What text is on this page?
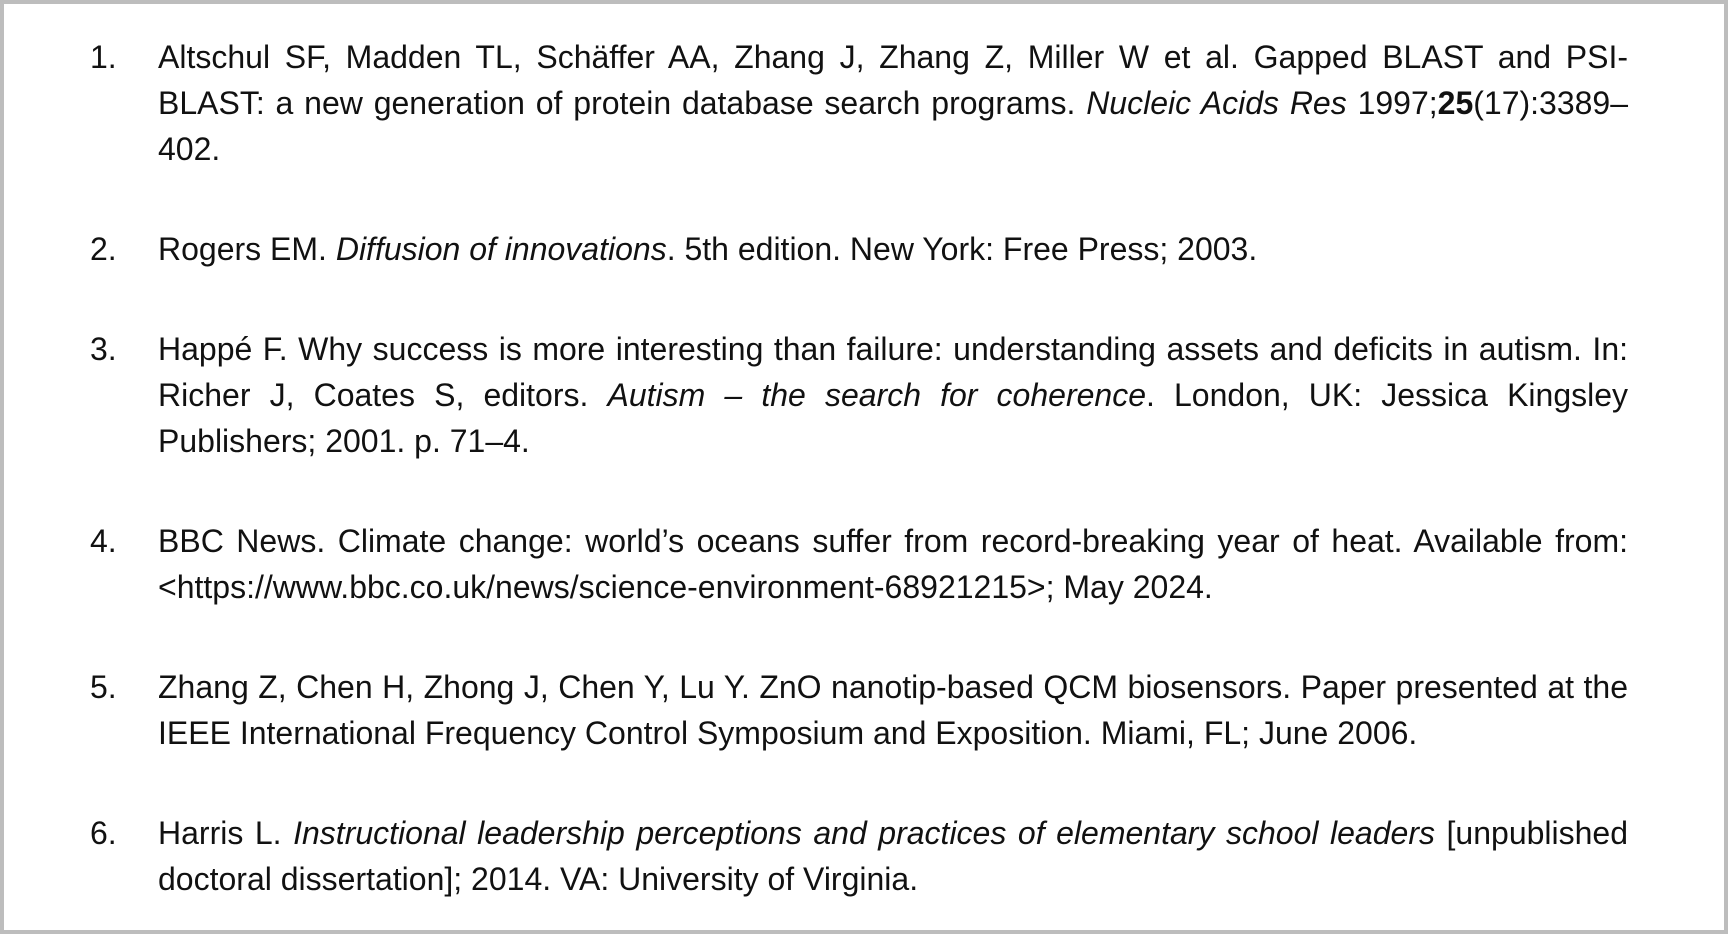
1.	Altschul SF, Madden TL, Schäffer AA, Zhang J, Zhang Z, Miller W et al. Gapped BLAST and PSI-BLAST: a new generation of protein database search programs. Nucleic Acids Res 1997;25(17):3389–402.
2.	Rogers EM. Diffusion of innovations. 5th edition. New York: Free Press; 2003.
3.	Happé F. Why success is more interesting than failure: understanding assets and deficits in autism. In: Richer J, Coates S, editors. Autism – the search for coherence. London, UK: Jessica Kingsley Publishers; 2001. p. 71–4.
4.	BBC News. Climate change: world’s oceans suffer from record-breaking year of heat. Available from: <https://www.bbc.co.uk/news/science-environment-68921215>; May 2024.
5.	Zhang Z, Chen H, Zhong J, Chen Y, Lu Y. ZnO nanotip-based QCM biosensors. Paper presented at the IEEE International Frequency Control Symposium and Exposition. Miami, FL; June 2006.
6.	Harris L. Instructional leadership perceptions and practices of elementary school leaders [unpublished doctoral dissertation]; 2014. VA: University of Virginia.
